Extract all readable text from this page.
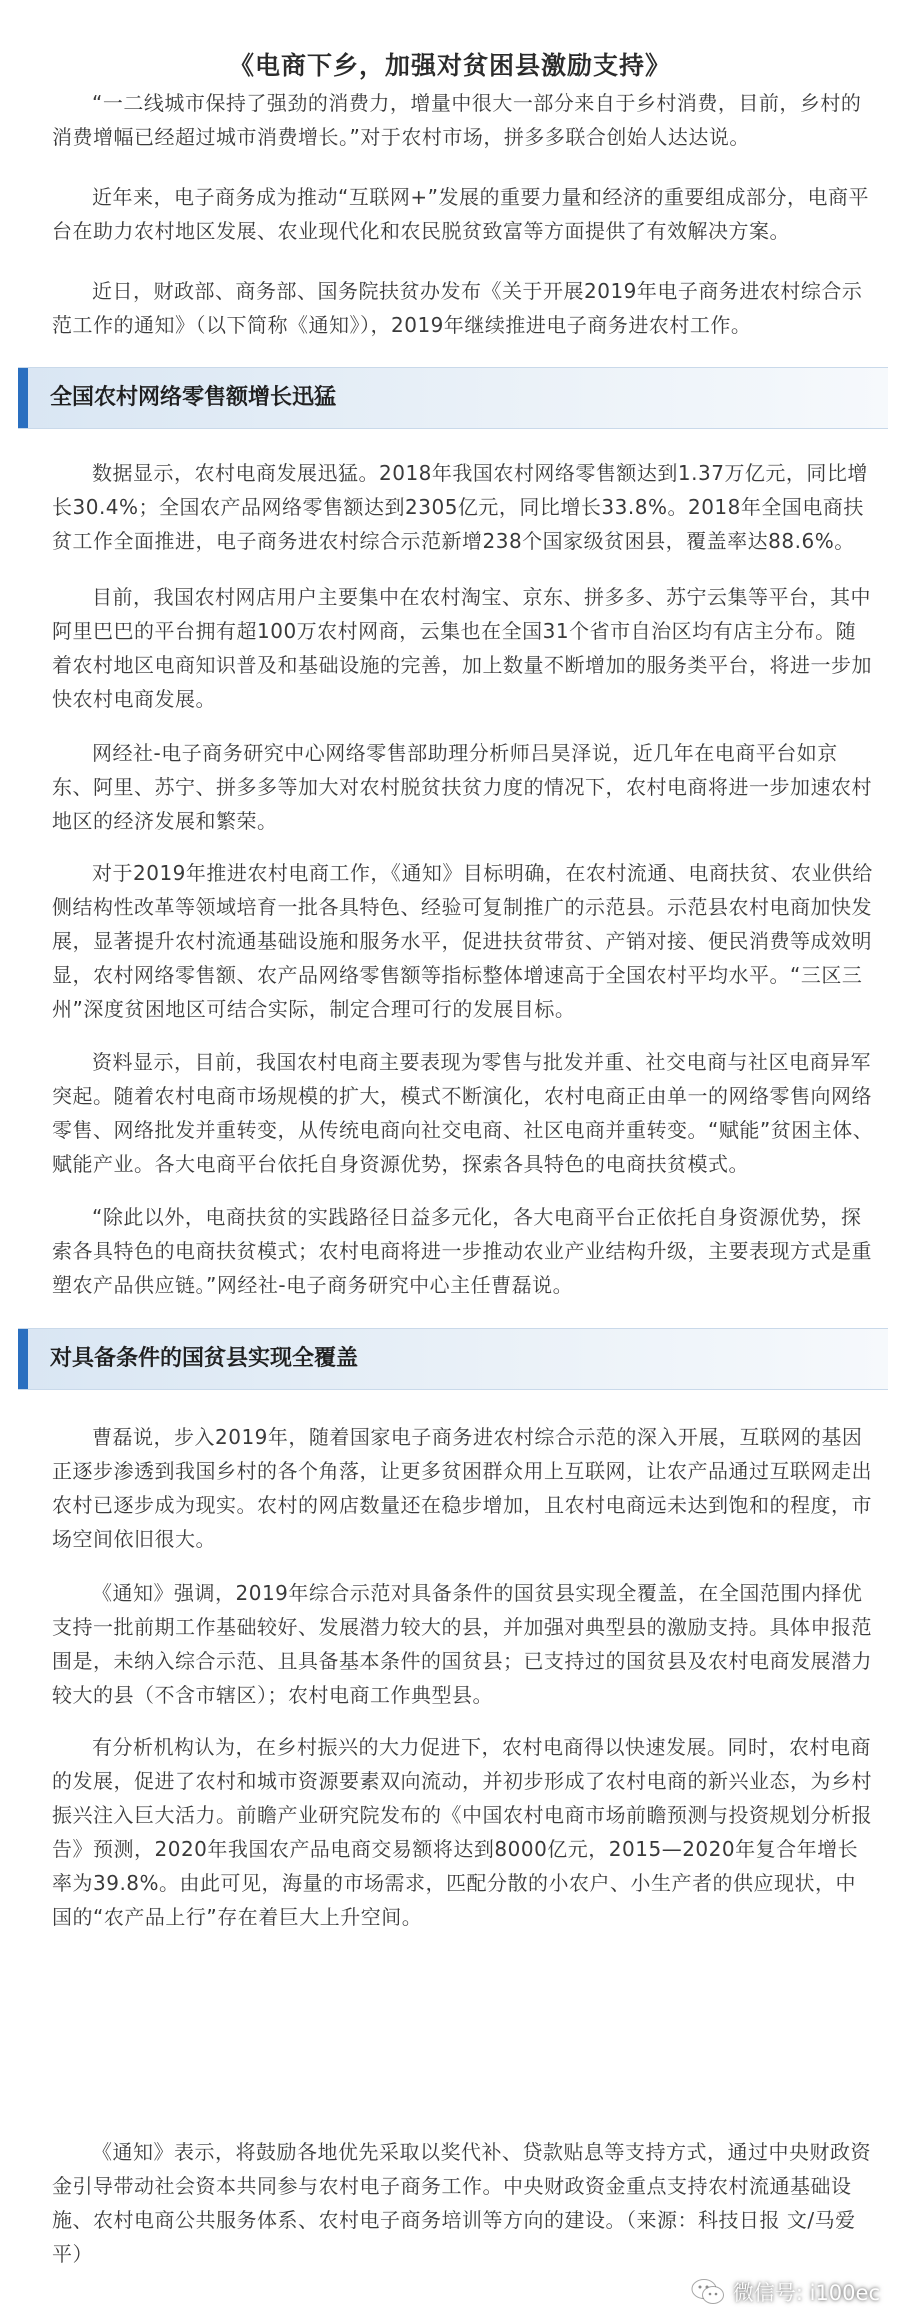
《电商下乡，加强对贫困县激励支持》

“一二线城市保持了强劲的消费力，增量中很大一部分来自于乡村消费，目前，乡村的消费增幅已经超过城市消费增长。”对于农村市场，拼多多联合创始人达达说。

近年来，电子商务成为推动“互联网+”发展的重要力量和经济的重要组成部分，电商平台在助力农村地区发展、农业现代化和农民脱贫致富等方面提供了有效解决方案。

近日，财政部、商务部、国务院扶贫办发布《关于开展2019年电子商务进农村综合示范工作的通知》（以下简称《通知》），2019年继续推进电子商务进农村工作。

全国农村网络零售额增长迅猛

数据显示，农村电商发展迅猛。2018年我国农村网络零售额达到1.37万亿元，同比增长30.4%；全国农产品网络零售额达到2305亿元，同比增长33.8%。2018年全国电商扶贫工作全面推进，电子商务进农村综合示范新增238个国家级贫困县，覆盖率达88.6%。

目前，我国农村网店用户主要集中在农村淘宝、京东、拼多多、苏宁云集等平台，其中阿里巴巴的平台拥有超100万农村网商，云集也在全国31个省市自治区均有店主分布。随着农村地区电商知识普及和基础设施的完善，加上数量不断增加的服务类平台，将进一步加快农村电商发展。

网经社-电子商务研究中心网络零售部助理分析师吕昊泽说，近几年在电商平台如京东、阿里、苏宁、拼多多等加大对农村脱贫扶贫力度的情况下，农村电商将进一步加速农村地区的经济发展和繁荣。

对于2019年推进农村电商工作，《通知》目标明确，在农村流通、电商扶贫、农业供给侧结构性改革等领域培育一批各具特色、经验可复制推广的示范县。示范县农村电商加快发展，显著提升农村流通基础设施和服务水平，促进扶贫带贫、产销对接、便民消费等成效明显，农村网络零售额、农产品网络零售额等指标整体增速高于全国农村平均水平。“三区三州”深度贫困地区可结合实际，制定合理可行的发展目标。

资料显示，目前，我国农村电商主要表现为零售与批发并重、社交电商与社区电商异军突起。随着农村电商市场规模的扩大，模式不断演化，农村电商正由单一的网络零售向网络零售、网络批发并重转变，从传统电商向社交电商、社区电商并重转变。“赋能”贫困主体、赋能产业。各大电商平台依托自身资源优势，探索各具特色的电商扶贫模式。

“除此以外，电商扶贫的实践路径日益多元化，各大电商平台正依托自身资源优势，探索各具特色的电商扶贫模式；农村电商将进一步推动农业产业结构升级，主要表现方式是重塑农产品供应链。”网经社-电子商务研究中心主任曹磊说。

对具备条件的国贫县实现全覆盖

曹磊说，步入2019年，随着国家电子商务进农村综合示范的深入开展，互联网的基因正逐步渗透到我国乡村的各个角落，让更多贫困群众用上互联网，让农产品通过互联网走出农村已逐步成为现实。农村的网店数量还在稳步增加，且农村电商远未达到饱和的程度，市场空间依旧很大。

《通知》强调，2019年综合示范对具备条件的国贫县实现全覆盖，在全国范围内择优支持一批前期工作基础较好、发展潜力较大的县，并加强对典型县的激励支持。具体申报范围是，未纳入综合示范、且具备基本条件的国贫县；已支持过的国贫县及农村电商发展潜力较大的县（不含市辖区）；农村电商工作典型县。

有分析机构认为，在乡村振兴的大力促进下，农村电商得以快速发展。同时，农村电商的发展，促进了农村和城市资源要素双向流动，并初步形成了农村电商的新兴业态，为乡村振兴注入巨大活力。前瞻产业研究院发布的《中国农村电商市场前瞻预测与投资规划分析报告》预测，2020年我国农产品电商交易额将达到8000亿元，2015—2020年复合年增长率为39.8%。由此可见，海量的市场需求，匹配分散的小农户、小生产者的供应现状，中国的“农产品上行”存在着巨大上升空间。

《通知》表示，将鼓励各地优先采取以奖代补、贷款贴息等支持方式，通过中央财政资金引导带动社会资本共同参与农村电子商务工作。中央财政资金重点支持农村流通基础设施、农村电商公共服务体系、农村电子商务培训等方向的建设。（来源：科技日报 文/马爱平）

微信号: i100ec
